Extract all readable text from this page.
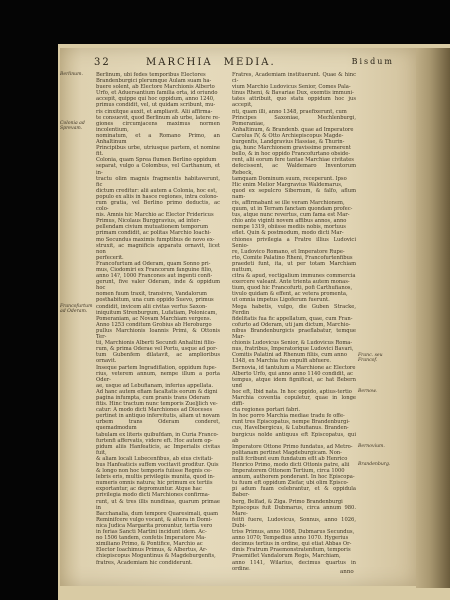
32	MARCHIA MEDIA.	Bisdum
Berlinum.
Colonia ad Sprevam.
Francofurtum ad Oderam.
Franc. seu Francof.
Bernow.
Bernovium.
Brandenburg.

Berlinum, ubi fedes temporibus Electores
Brandenburgici plerumque Aulam suam ha-
buere solent, ab Electore Marchionis Alberto
Urfo, et Aduersantium familia orta, id oriundo
accepit, quippe qui hoc oppidum, anno 1240,
primus condidit, vel, ut quidam scribunt, mu-
ris cinxitque auxit, et ampliavit. Alii affirma-
te consuevit, quod Berlinum ab urbe, latere re-
giones circumjacens maximus normen incolentium,
nominatum, et a Romano Primo, an Anhaltinum
Principibus urbe, utriusque partem, et nomine fit.
Colonia, quam Sprea flumen Berlino oppidum
separat, vulgo a Colombus, vel Carthanum, et in-
tractu olim magnis fragmentis habitaverunt, fic
dictum creditur: alii autem a Colonia, hoc est,
populo ex aliis in hasce regiones, intra colono-
rum gratia, vel Berlino primo deductis, ac colo-
nis. Amnis hic Marchio ac Elector Fridericus
Primus, Nicolaus Burggravius, ad inter-
pellendam civium mutuationem temporum
primam condidit, ac politas Marchio Ioachi-
mo Secundus maximis fumptibus de novo ex-
struxit, ac magnificis apparatu ornavit, licet non
perfecerit.
Francofurtum ad Oderam, quam Sonno pri-
mus, Ciodomiri ex Francorum fanguine filio,
anno 14?, 1000 Francones aut ingenti confi-
gerunt, five valer Oderam, inde & oppidum hoc
nomen fuum traxit, transivre, Vandalorum
posthabitum, una cum oppido Suevo, primus
condidit, invicem alii civitas verfus Saxon-
iniquitum Strenburgum, Lufatiam, Polonicam,
Pomeraniam, ac Novam Marchiam vergens.
Anno 1253 conditum Grobius ab Heroburgo
pullus Marchionis Ioannis Primi, & Ottonis Ter-
tii, Marchionis Alberti Secundi Anhaltini filio-
rum, & prima Oderae vel Portu, usque ad por-
tum Gubenfem dilatavit, ac amplioribus ornavit.
Inseque partem Ingradiflation, oppidum fupe-
rius, veterem annum, nempe illum a porta Oder-
ae, usque ad Lebufianam, inferius appellata.
Ad hanc autem efiam facaltatis eorum & digni
pagina infumpta, cum pranis trans Oderam
fitis. Hinc tractum nunc temporis Zueljlich ve-
catur: A modo dicti Marchiones ad Dioceses
pertinet in antiquo infervitutis, aliam ut novam
urbem trans Oderam conderet, quemadmodum
tabulam ex literis quibufdam, in Curia Franco-
furtenfi affervatis, videre eft. Hoc autem op-
pidum aliis Hanfeaticis, ac Imperialis civitas fuit,
& aliam locali Lubecenfibus, ab eius civitati-
bus Hanfeaticis suffem vocitavit proditur. Quis
& longo non hoc temporis fuiisse Regnis ce-
lebris eris, multis privilegiis munita, quod in-
numeris omnis natura; hic primum ex tertiis
exportantur, ac depromuntur. Atque hac
privilegia modo dicti Marchiones confirma-
runt, ut & tres illis nundinas, quarum primae in
Bacchanalia, dum tempore Quaresimali, quam
Reminifcere vulgo vocant, & altera in Domi-
nica Judica Margarita pronuntur, tertia vero
in ferias Sancti Martini incidunt idem. Ac-
no 1506 tandem, confetis Imperatore Ma-
ximiliano Primo, & Pontifice, Marchio ac
Elector Ioachimus Primus, & Albertus, Ar-
chiepiscopus Moguntinus & Magdeburgenfis,
fratres, Academiam hic condiderunt.

Fratres, Academiam instituerunt. Quae & hinc ci-
vium Marchio Ludovicus Senior, Comes Pala-
tinus Rheni, & Bavariae Dux, exemtis immuni-
tates attribuit, quo statu oppidum hoc jus accepit,
nti, quam illi, anno 1348, praefixerunt, cum
Principes Saxoniae, Mechlenburgi, Pomeraniae,
Anhaltinum, & Brandenb. quae ad Imperatore
Carolus IV, & Otto Archiepiscopus Magde-
burgenfis, Landgravius Hassiae, & Thurin-
gia, hunc Marchionem gravissime premerent
bello, & in hoc oppido Francofurtano obside-
rent, alii eorum fere tantae Marchiae civitates
defecissent, ac Waldemaro Inventorum Rebeck,
tamquam Dominum suum, receperunt. Ipso
Hic enim Melior Margravius Waldemarus,
quod ex sepulcro Sibernum, & falfo, aflum nam-
ris, affirmabant se ille veram Marchionem,
quum, ut in Terram fanctam quondam profec-
tus, atque nunc revertus, cum fama est Mar-
chio ante viginti novem affibus annos, anno
nempe 1319, obiisse mediis nobis, mortuus
eflet. Quin & postmodum, modo dicti Mar-
chiones privilegia a Fratre illius Ludovici Senio-
re, Ludovico Romano, et Imperatore Rupe-
rto, Comite Palatino Rheni, Francofurtenfibus
praedeti funt, ita, ut per totam Marchiam nuttum,
citra & apud, vectigalium immunes commercia
exercere valeant. Ante trienta autem monas-
tium, quod hic Francofurti, pofi Carthufianos,
tivulo quidam & effent, ac vetera promenta,
ut omnia impetus Ligoferum fuerunt.
Mega habetis, vulgo, die Guben Stracke, Ferdin
fidelitatis fua fic appellatum, quae, cum Fran-
cofurto ad Oderam, uti jam dictum, Marchio-
nibus Brandenburgicis praeflabatur, temque Mar-
chionis Ludovicus Senior, & Ludovicus Roma-
nus, fratribus, Imperatorique Ludovici Bavari,
Comitis Palatini ad Rhenum filiis, cum anno
1348, ex Marchia fuo expulfi abfuere.
Bernovia, id tantulum a Marchione ac Electore
Alberto Urfo, qui anno anno 1140 condidit, ac
tempus, atque idem fignificat, ac hat Bebern und
hoc eft, Ibid nata. In hoc oppido, aptius-tertio
Marchia coventia copuletur, quae in longe diffi-
cta regiones portari fabri.
In hoc porro Marchia mediae tradu fe offe-
runt tres Episcopatus, nempe Brandenburgi-
cus, Havelbergicus, & Lubufianus. Branden-
burgicus nolde antiquus eft Episcopatus, qui ab
Imperatore Ottone Primo fundatus, ad Metro-
politanam pertinet Magdeburgicam. Non-
nulli fcribunt eum fundatum eflt ab Henrico
Henrico Primo, modo dicti Ottonis patre, alii
Imperatorem Ottonem Tertium, circa 1000
annum, authorem ponderant. In hoc Episcopa-
tu fuum eft oppidum Ziefar, ubi olim Episco-
pi adum fuam celebrantur, et & oppidula Baber-
berg, Belfad, & Ziga. Primo Brandenburgi
Episcopus fuit Dubmarus, circa annum 980. Mare-
feitfi fuere, Ludovicus, Sonnus, anno 1026, Dubi-
triss Primus, anno 1068, Dubmarus Secundus,
anno 1070; Tempedius anno 1070. Hygerius
decimus tertius in ordine, qui etiat Abbas Or-
dinis Fratrum Praemonstratenfium, temporis
Praemiflet Vandalorum Regis, Marchiam,
anno 1141, Wilarius, decimus quartus in ordine,

anno
